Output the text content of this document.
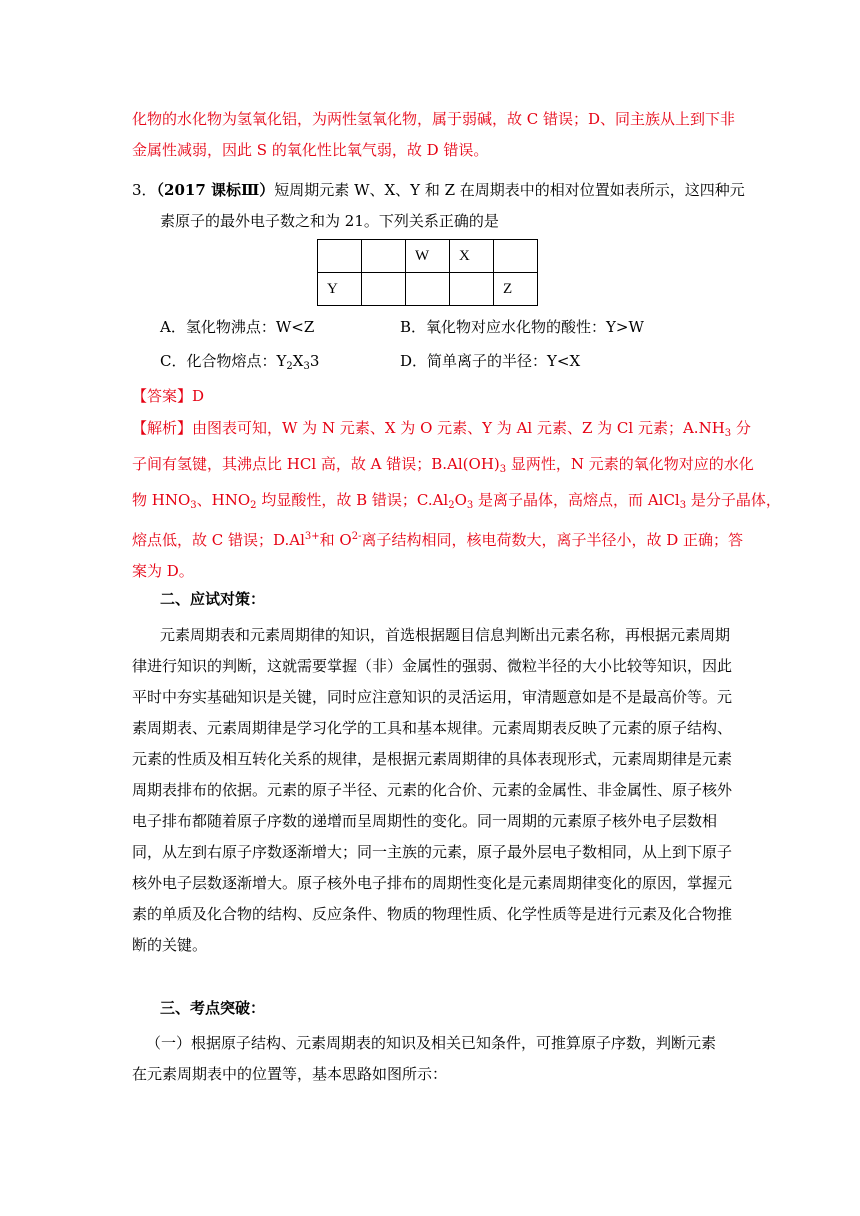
化物的水化物为氢氧化铝，为两性氢氧化物，属于弱碱，故 C 错误；D、同主族从上到下非
金属性减弱，因此 S 的氧化性比氧气弱，故 D 错误。
3．（2017 课标Ⅲ）短周期元素 W、X、Y 和 Z 在周期表中的相对位置如表所示，这四种元
素原子的最外电子数之和为 21。下列关系正确的是
		W	X	
Y				Z
A．氢化物沸点：W<Z	B．氧化物对应水化物的酸性：Y>W
C．化合物熔点：$Y_2X_33$	D．简单离子的半径：Y<X
【答案】D
【解析】由图表可知，W 为 N 元素、X 为 O 元素、Y 为 Al 元素、Z 为 Cl 元素；$A.NH_3$ 分
子间有氢键，其沸点比 HCl 高，故 A 错误；$B.Al(OH)_3$ 显两性，N 元素的氧化物对应的水化
物 $HNO_3$、$HNO_2$ 均显酸性，故 B 错误；$C.Al_2O_3$ 是离子晶体，高熔点，而 AlCl$_3$ 是分子晶体，
熔点低，故 C 错误；$D.Al^{3+}$和 $O^{2-}$离子结构相同，核电荷数大，离子半径小，故 D 正确；答
案为 D。
二、应试对策：
元素周期表和元素周期律的知识，首选根据题目信息判断出元素名称，再根据元素周期
律进行知识的判断，这就需要掌握（非）金属性的强弱、微粒半径的大小比较等知识，因此
平时中夯实基础知识是关键，同时应注意知识的灵活运用，审清题意如是不是最高价等。元
素周期表、元素周期律是学习化学的工具和基本规律。元素周期表反映了元素的原子结构、
元素的性质及相互转化关系的规律，是根据元素周期律的具体表现形式，元素周期律是元素
周期表排布的依据。元素的原子半径、元素的化合价、元素的金属性、非金属性、原子核外
电子排布都随着原子序数的递增而呈周期性的变化。同一周期的元素原子核外电子层数相
同，从左到右原子序数逐渐增大；同一主族的元素，原子最外层电子数相同，从上到下原子
核外电子层数逐渐增大。原子核外电子排布的周期性变化是元素周期律变化的原因，掌握元
素的单质及化合物的结构、反应条件、物质的物理性质、化学性质等是进行元素及化合物推
断的关键。
三、考点突破：
（一）根据原子结构、元素周期表的知识及相关已知条件，可推算原子序数，判断元素
在元素周期表中的位置等，基本思路如图所示：
